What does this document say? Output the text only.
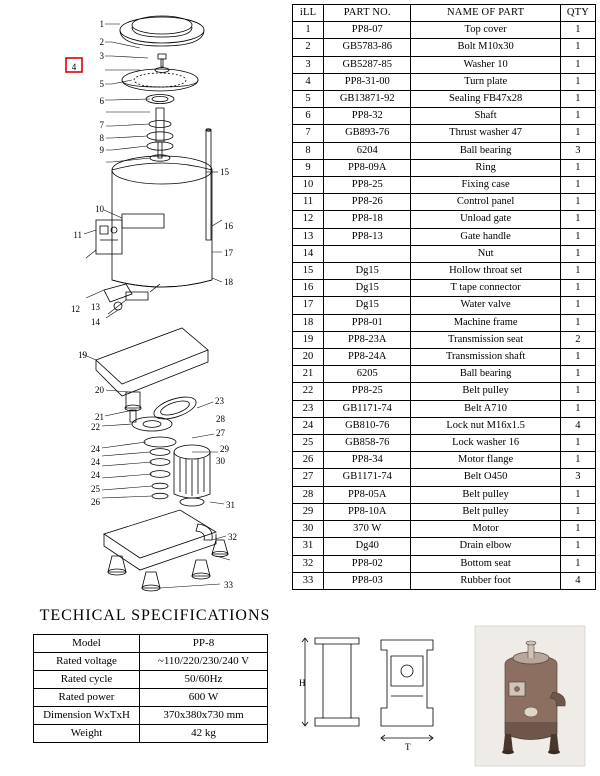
1
2
3
4
5
6
7
8
9
10
11
12 13
14
15
16
17
18
19
20
21
22
23
24
24
24
25
26
27
28
29
30
31
32
33
iLL	PART NO.	NAME OF PART	QTY
1	PP8-07	Top cover	1
2	GB5783-86	Bolt M10x30	1
3	GB5287-85	Washer 10	1
4	PP8-31-00	Turn plate	1
5	GB13871-92	Sealing FB47x28	1
6	PP8-32	Shaft	1
7	GB893-76	Thrust washer 47	1
8	6204	Ball bearing	3
9	PP8-09A	Ring	1
10	PP8-25	Fixing case	1
11	PP8-26	Control panel	1
12	PP8-18	Unload gate	1
13	PP8-13	Gate handle	1
14		Nut	1
15	Dg15	Hollow throat set	1
16	Dg15	T tape connector	1
17	Dg15	Water valve	1
18	PP8-01	Machine frame	1
19	PP8-23A	Transmission seat	2
20	PP8-24A	Transmission shaft	1
21	6205	Ball bearing	1
22	PP8-25	Belt pulley	1
23	GB1171-74	Belt A710	1
24	GB810-76	Lock nut M16x1.5	4
25	GB858-76	Lock washer 16	1
26	PP8-34	Motor flange	1
27	GB1171-74	Belt O450	3
28	PP8-05A	Belt pulley	1
29	PP8-10A	Belt pulley	1
30	370 W	Motor	1
31	Dg40	Drain elbow	1
32	PP8-02	Bottom seat	1
33	PP8-03	Rubber foot	4
TECHICAL SPECIFICATIONS
Model	PP-8
Rated voltage	~110/220/230/240 V
Rated cycle	50/60Hz
Rated power	600 W
Dimension WxTxH	370x380x730 mm
Weight	42 kg
H
T
